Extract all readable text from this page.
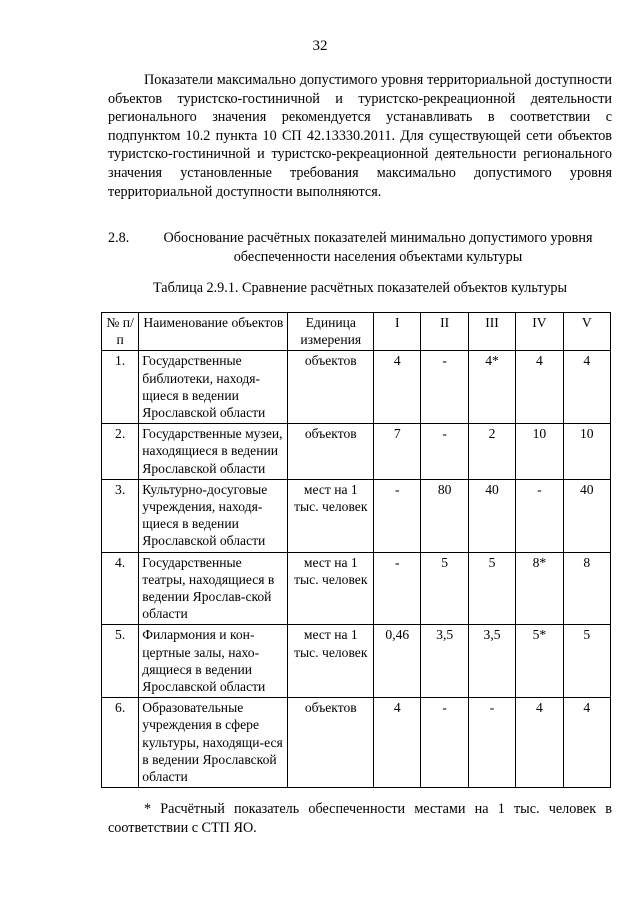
32

Показатели максимально допустимого уровня территориальной доступности объектов туристско-гостиничной и туристско-рекреационной деятельности регионального значения рекомендуется устанавливать в соответствии с подпунктом 10.2 пункта 10 СП 42.13330.2011. Для существующей сети объектов туристско-гостиничной и туристско-рекреационной деятельности регионального значения установленные требования максимально допустимого уровня территориальной доступности выполняются.

2.8.	Обоснование расчётных показателей минимально допустимого уровня обеспеченности населения объектами культуры
Таблица 2.9.1. Сравнение расчётных показателей объектов культуры
№ п/п	Наименование объектов	Единица измерения	I	II	III	IV	V
1.	Государственные библиотеки, находя-щиеся в ведении Ярославской области	объектов	4	-	4*	4	4
2.	Государственные музеи, находящиеся в ведении Ярославской области	объектов	7	-	2	10	10
3.	Культурно-досуговые учреждения, находя-щиеся в ведении Ярославской области	мест на 1 тыс. человек	-	80	40	-	40
4.	Государственные театры, находящиеся в ведении Ярослав-ской области	мест на 1 тыс. человек	-	5	5	8*	8
5.	Филармония и кон-цертные залы, нахо-дящиеся в ведении Ярославской области	мест на 1 тыс. человек	0,46	3,5	3,5	5*	5
6.	Образовательные учреждения в сфере культуры, находящи-еся в ведении Ярославской области	объектов	4	-	-	4	4

* Расчётный показатель обеспеченности местами на 1 тыс. человек в соответствии с СТП ЯО.
